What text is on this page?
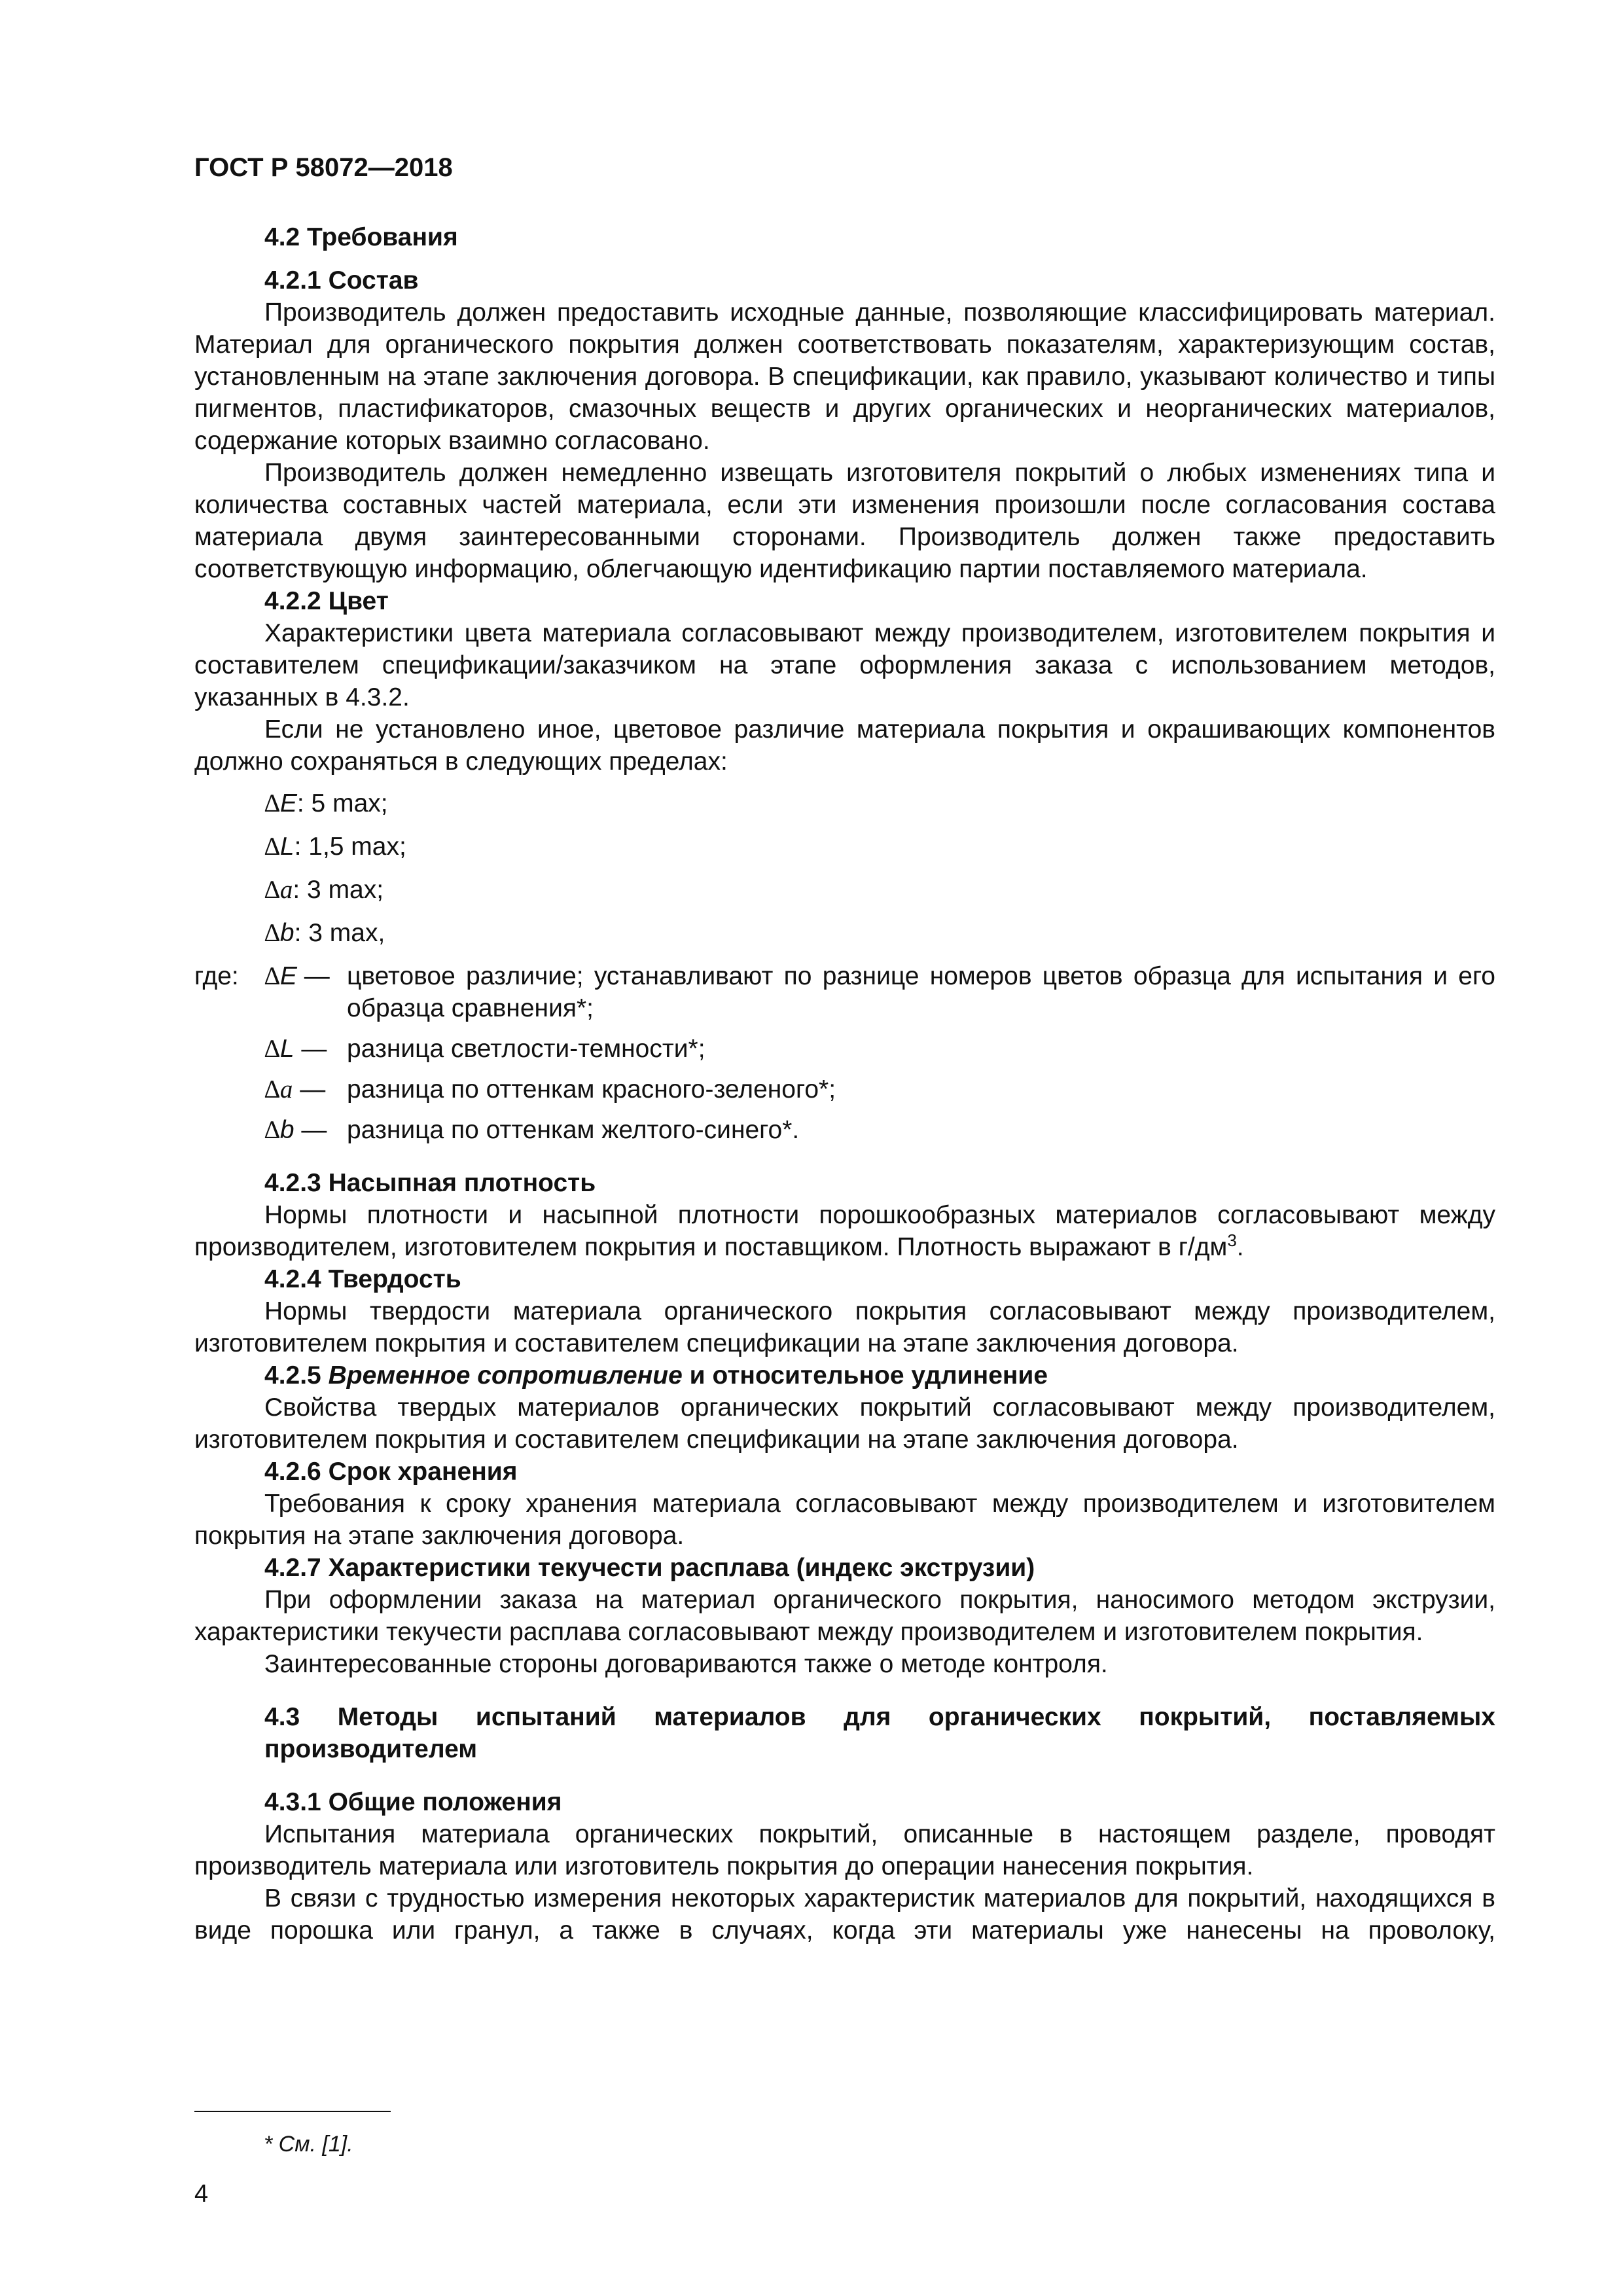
ГОСТ Р 58072—2018

4.2 Требования

4.2.1 Состав

Производитель должен предоставить исходные данные, позволяющие классифицировать материал. Материал для органического покрытия должен соответствовать показателям, характеризующим состав, установленным на этапе заключения договора. В спецификации, как правило, указывают количество и типы пигментов, пластификаторов, смазочных веществ и других органических и неорганических материалов, содержание которых взаимно согласовано.

Производитель должен немедленно извещать изготовителя покрытий о любых изменениях типа и количества составных частей материала, если эти изменения произошли после согласования состава материала двумя заинтересованными сторонами. Производитель должен также предоставить соответствующую информацию, облегчающую идентификацию партии поставляемого материала.

4.2.2 Цвет

Характеристики цвета материала согласовывают между производителем, изготовителем покрытия и составителем спецификации/заказчиком на этапе оформления заказа с использованием методов, указанных в 4.3.2.

Если не установлено иное, цветовое различие материала покрытия и окрашивающих компонентов должно сохраняться в следующих пределах:

∆E: 5 max;

∆L: 1,5 max;

∆a: 3 max;

∆b: 3 max,

где:	∆E — цветовое различие; устанавливают по разнице номеров цветов образца для испытания и его образца сравнения*;
∆L — разница светлости-темности*;
∆a — разница по оттенкам красного-зеленого*;
∆b — разница по оттенкам желтого-синего*.

4.2.3 Насыпная плотность

Нормы плотности и насыпной плотности порошкообразных материалов согласовывают между производителем, изготовителем покрытия и поставщиком. Плотность выражают в $г/дм^3$.

4.2.4 Твердость

Нормы твердости материала органического покрытия согласовывают между производителем, изготовителем покрытия и составителем спецификации на этапе заключения договора.

4.2.5 Временное сопротивление и относительное удлинение

Свойства твердых материалов органических покрытий согласовывают между производителем, изготовителем покрытия и составителем спецификации на этапе заключения договора.

4.2.6 Срок хранения

Требования к сроку хранения материала согласовывают между производителем и изготовителем покрытия на этапе заключения договора.

4.2.7 Характеристики текучести расплава (индекс экструзии)

При оформлении заказа на материал органического покрытия, наносимого методом экструзии, характеристики текучести расплава согласовывают между производителем и изготовителем покрытия.

Заинтересованные стороны договариваются также о методе контроля.

4.3 Методы испытаний материалов для органических покрытий, поставляемых производителем

4.3.1 Общие положения

Испытания материала органических покрытий, описанные в настоящем разделе, проводят производитель материала или изготовитель покрытия до операции нанесения покрытия.

В связи с трудностью измерения некоторых характеристик материалов для покрытий, находящихся в виде порошка или гранул, а также в случаях, когда эти материалы уже нанесены на проволоку,

* См. [1].
4
